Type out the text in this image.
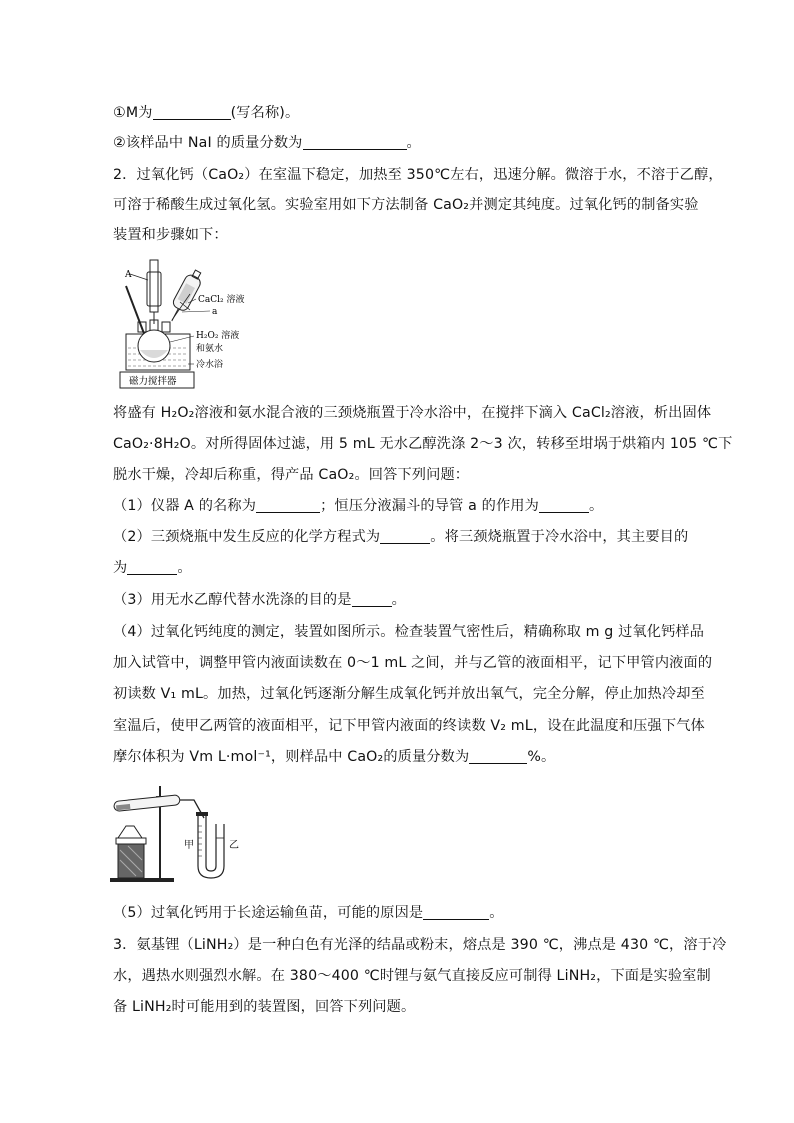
①M为	(写名称)。
②该样品中 NaI 的质量分数为	。
2．过氧化钙（CaO₂）在室温下稳定，加热至 350℃左右，迅速分解。微溶于水，不溶于乙醇，
可溶于稀酸生成过氧化氢。实验室用如下方法制备 CaO₂并测定其纯度。过氧化钙的制备实验
装置和步骤如下：
A
CaCl₂ 溶液
a
H₂O₂ 溶液
和氨水
冷水浴
磁力搅拌器
将盛有 H₂O₂溶液和氨水混合液的三颈烧瓶置于冷水浴中，在搅拌下滴入 CaCl₂溶液，析出固体
CaO₂·8H₂O。对所得固体过滤，用 5 mL 无水乙醇洗涤 2～3 次，转移至坩埚于烘箱内 105 ℃下
脱水干燥，冷却后称重，得产品 CaO₂。回答下列问题：
（1）仪器 A 的名称为	；恒压分液漏斗的导管 a 的作用为	。
（2）三颈烧瓶中发生反应的化学方程式为	。将三颈烧瓶置于冷水浴中，其主要目的
为	。
（3）用无水乙醇代替水洗涤的目的是	。
（4）过氧化钙纯度的测定，装置如图所示。检查装置气密性后，精确称取 m g 过氧化钙样品
加入试管中，调整甲管内液面读数在 0～1 mL 之间，并与乙管的液面相平，记下甲管内液面的
初读数 V₁ mL。加热，过氧化钙逐渐分解生成氧化钙并放出氧气，完全分解，停止加热冷却至
室温后，使甲乙两管的液面相平，记下甲管内液面的终读数 V₂ mL，设在此温度和压强下气体
摩尔体积为 Vm L·mol⁻¹，则样品中 CaO₂的质量分数为	%。
甲	乙
（5）过氧化钙用于长途运输鱼苗，可能的原因是	。
3．氨基锂（LiNH₂）是一种白色有光泽的结晶或粉末，熔点是 390 ℃，沸点是 430 ℃，溶于冷
水，遇热水则强烈水解。在 380～400 ℃时锂与氨气直接反应可制得 LiNH₂，下面是实验室制
备 LiNH₂时可能用到的装置图，回答下列问题。
